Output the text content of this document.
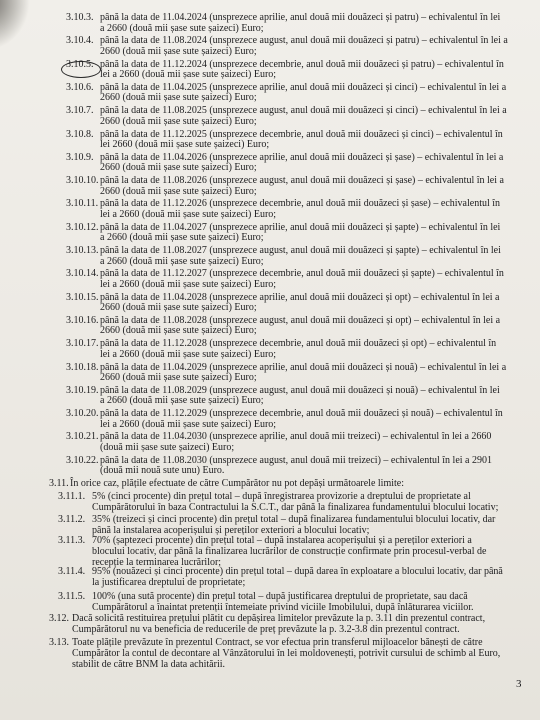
3.10.3. până la data de 11.04.2024 (unsprezece aprilie, anul două mii douăzeci și patru) – echivalentul în lei
a 2660 (două mii șase sute șaizeci) Euro;
3.10.4. până la data de 11.08.2024 (unsprezece august, anul două mii douăzeci și patru) – echivalentul în lei a
2660 (două mii șase sute șaizeci) Euro;
3.10.5. până la data de 11.12.2024 (unsprezece decembrie, anul două mii douăzeci și patru) – echivalentul în
lei a 2660 (două mii șase sute șaizeci) Euro;
3.10.6. până la data de 11.04.2025 (unsprezece aprilie, anul două mii douăzeci și cinci) – echivalentul în lei a
2660 (două mii șase sute șaizeci) Euro;
3.10.7. până la data de 11.08.2025 (unsprezece august, anul două mii douăzeci și cinci) – echivalentul în lei a
2660 (două mii șase sute șaizeci) Euro;
3.10.8. până la data de 11.12.2025 (unsprezece decembrie, anul două mii douăzeci și cinci) – echivalentul în
lei 2660 (două mii șase sute șaizeci) Euro;
3.10.9. până la data de 11.04.2026 (unsprezece aprilie, anul două mii douăzeci și șase) – echivalentul în lei a
2660 (două mii șase sute șaizeci) Euro;
3.10.10. până la data de 11.08.2026 (unsprezece august, anul două mii douăzeci și șase) – echivalentul în lei a
2660 (două mii șase sute șaizeci) Euro;
3.10.11. până la data de 11.12.2026 (unsprezece decembrie, anul două mii douăzeci și șase) – echivalentul în
lei a 2660 (două mii șase sute șaizeci) Euro;
3.10.12. până la data de 11.04.2027 (unsprezece aprilie, anul două mii douăzeci și șapte) – echivalentul în lei
a 2660 (două mii șase sute șaizeci) Euro;
3.10.13. până la data de 11.08.2027 (unsprezece august, anul două mii douăzeci și șapte) – echivalentul în lei
a 2660 (două mii șase sute șaizeci) Euro;
3.10.14. până la data de 11.12.2027 (unsprezece decembrie, anul două mii douăzeci și șapte) – echivalentul în
lei a 2660 (două mii șase sute șaizeci) Euro;
3.10.15. până la data de 11.04.2028 (unsprezece aprilie, anul două mii douăzeci și opt) – echivalentul în lei a
2660 (două mii șase sute șaizeci) Euro;
3.10.16. până la data de 11.08.2028 (unsprezece august, anul două mii douăzeci și opt) – echivalentul în lei a
2660 (două mii șase sute șaizeci) Euro;
3.10.17. până la data de 11.12.2028 (unsprezece decembrie, anul două mii douăzeci și opt) – echivalentul în
lei a 2660 (două mii șase sute șaizeci) Euro;
3.10.18. până la data de 11.04.2029 (unsprezece aprilie, anul două mii douăzeci și nouă) – echivalentul în lei a
2660 (două mii șase sute șaizeci) Euro;
3.10.19. până la data de 11.08.2029 (unsprezece august, anul două mii douăzeci și nouă) – echivalentul în lei
a 2660 (două mii șase sute șaizeci) Euro;
3.10.20. până la data de 11.12.2029 (unsprezece decembrie, anul două mii douăzeci și nouă) – echivalentul în
lei a 2660 (două mii șase sute șaizeci) Euro;
3.10.21. până la data de 11.04.2030 (unsprezece aprilie, anul două mii treizeci) – echivalentul în lei a 2660
(două mii șase sute șaizeci) Euro;
3.10.22. până la data de 11.08.2030 (unsprezece august, anul două mii treizeci) – echivalentul în lei a 2901
(două mii nouă sute unu) Euro.
3.11. În orice caz, plățile efectuate de către Cumpărător nu pot depăși următoarele limite:
3.11.1. 5% (cinci procente) din prețul total – după înregistrarea provizorie a dreptului de proprietate al
Cumpărătorului în baza Contractului la S.C.T., dar până la finalizarea fundamentului blocului locativ;
3.11.2. 35% (treizeci și cinci procente) din prețul total – după finalizarea fundamentului blocului locativ, dar
până la instalarea acoperișului și pereților exteriori a blocului locativ;
3.11.3. 70% (șaptezeci procente) din prețul total – după instalarea acoperișului și a pereților exteriori a
blocului locativ, dar până la finalizarea lucrărilor de construcție confirmate prin procesul-verbal de
recepție la terminarea lucrărilor;
3.11.4. 95% (nouăzeci și cinci procente) din prețul total – după darea în exploatare a blocului locativ, dar până
la justificarea dreptului de proprietate;
3.11.5. 100% (una sută procente) din prețul total – după justificarea dreptului de proprietate, sau dacă
Cumpărătorul a înaintat pretenții întemeiate privind viciile Imobilului, după înlăturarea viciilor.
3.12. Dacă solicită restituirea prețului plătit cu depășirea limitelor prevăzute la p. 3.11 din prezentul contract,
Cumpărătorul nu va beneficia de reducerile de preț prevăzute la p. 3.2-3.8 din prezentul contract.
3.13. Toate plățile prevăzute în prezentul Contract, se vor efectua prin transferul mijloacelor bănești de către
Cumpărător la contul de decontare al Vânzătorului în lei moldovenești, potrivit cursului de schimb al Euro,
stabilit de către BNM la data achitării.
3
